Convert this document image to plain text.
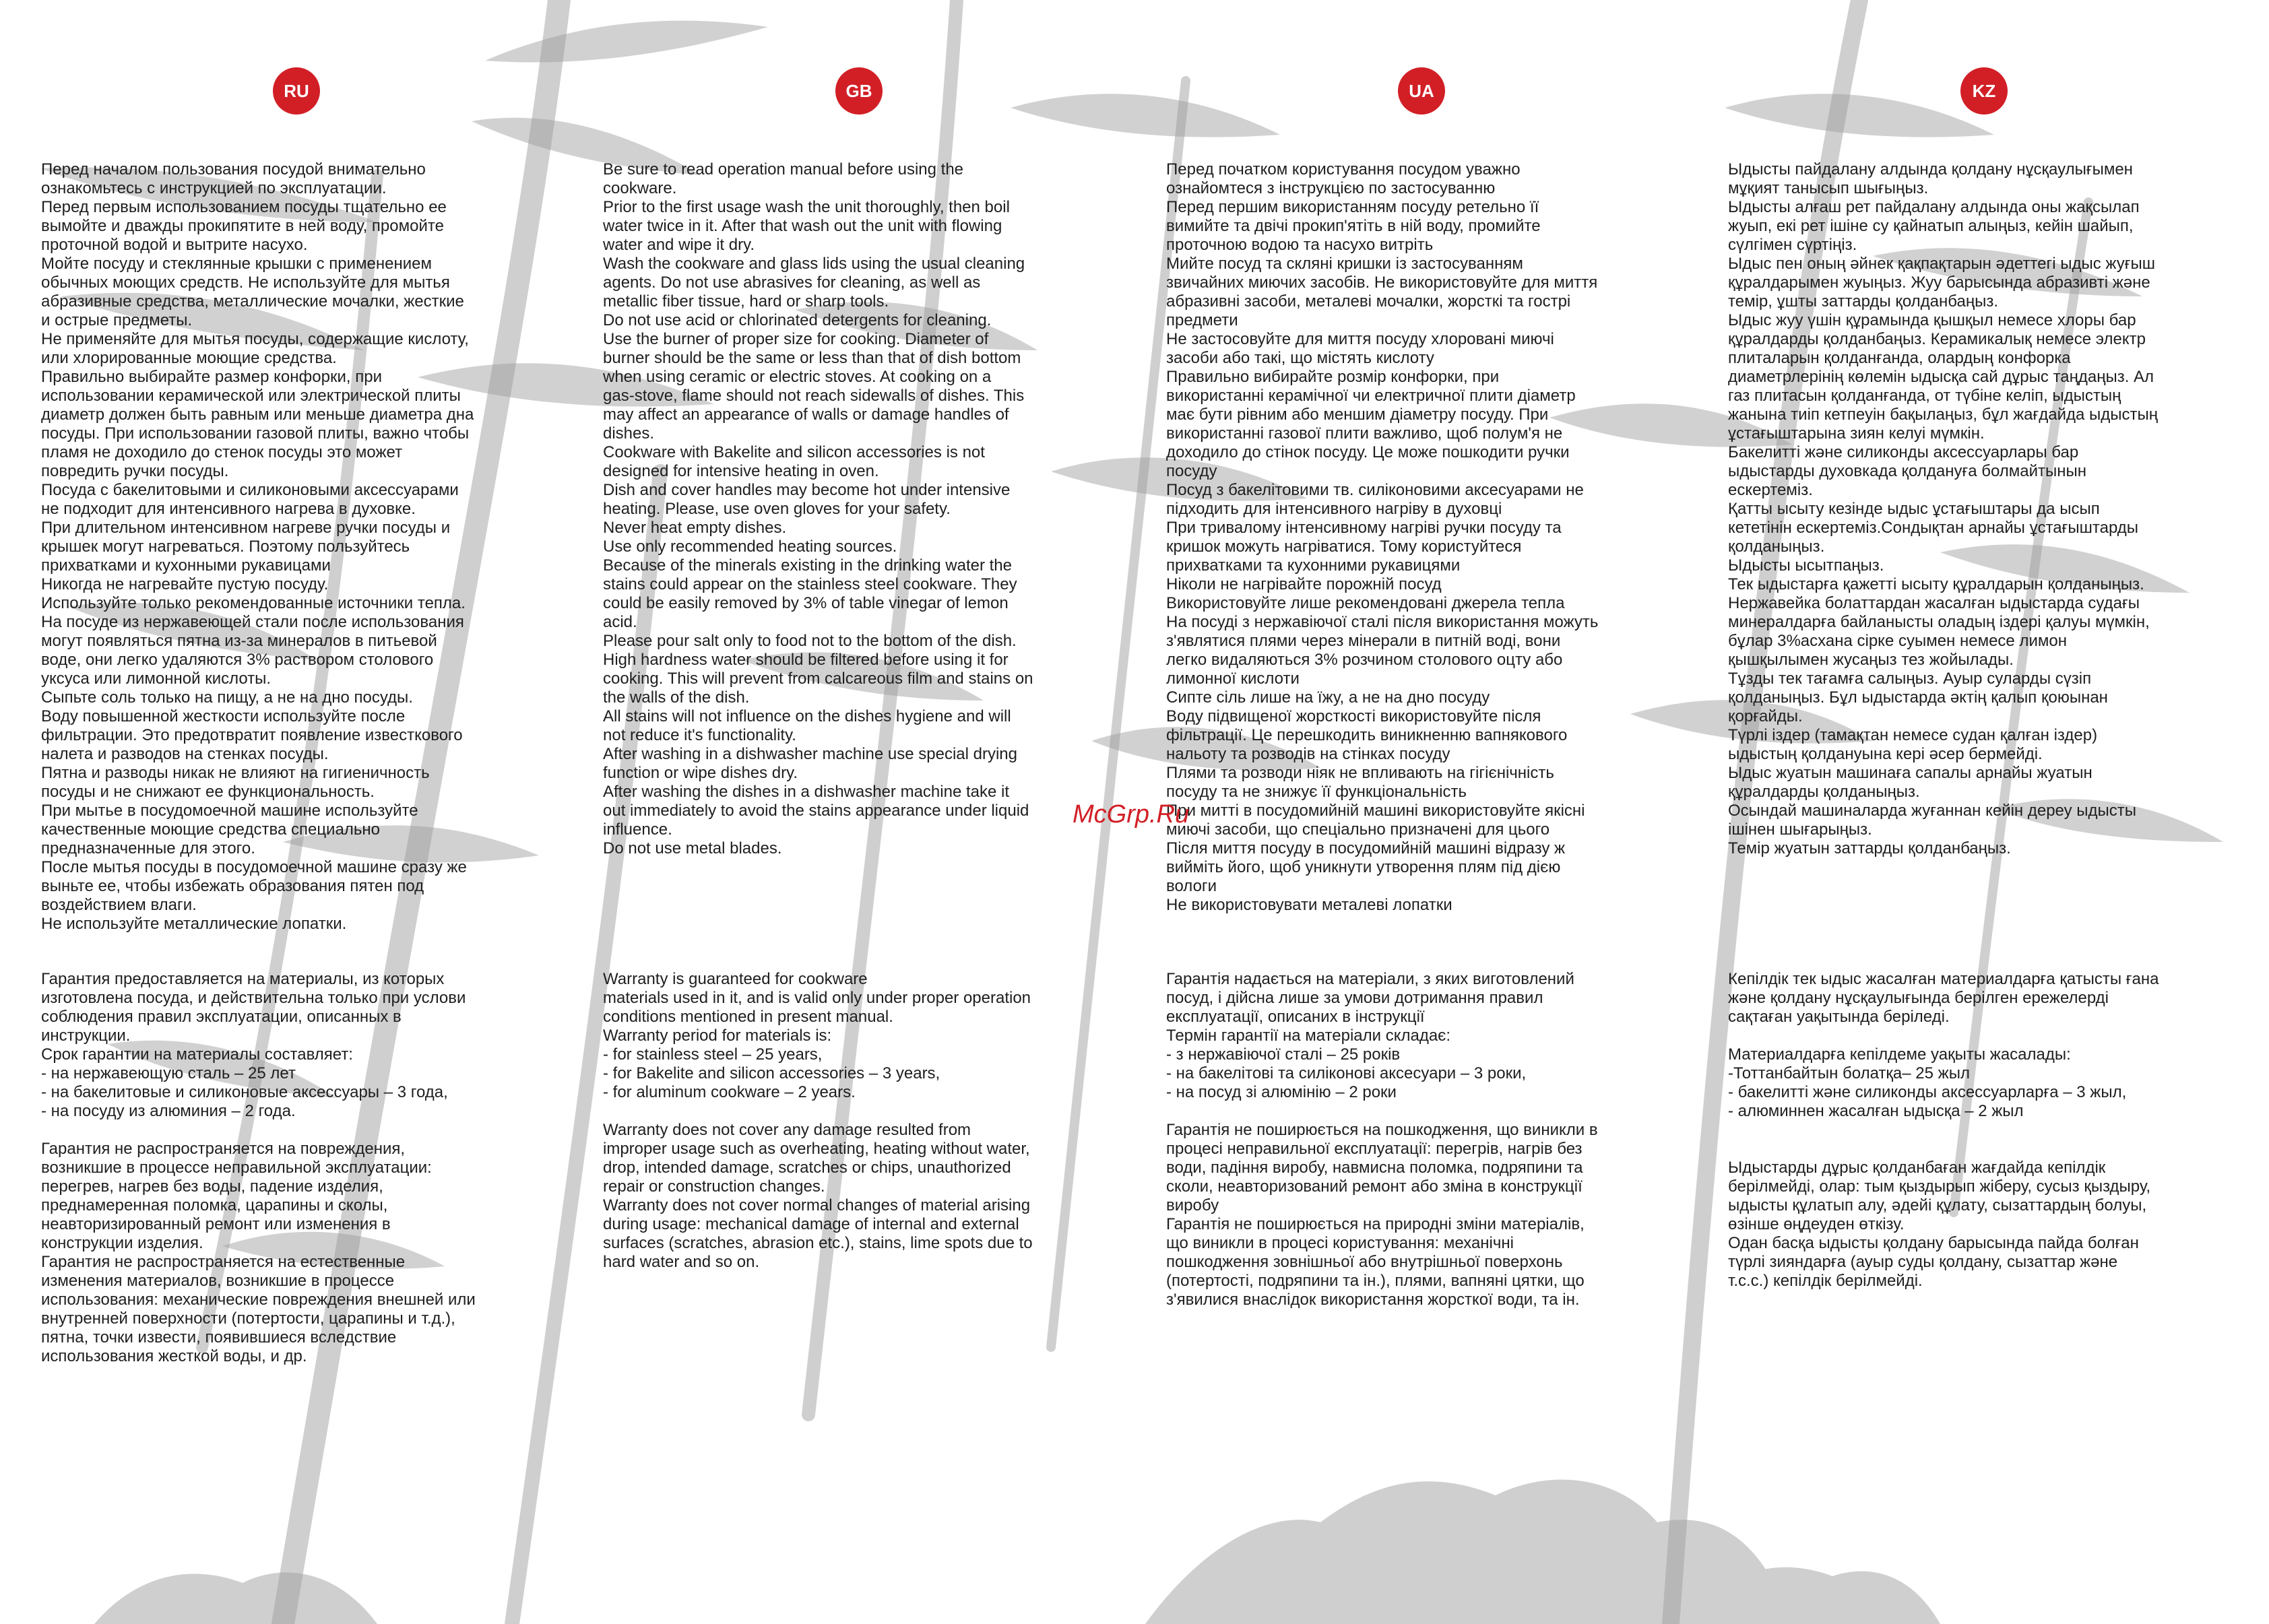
RU	GB	UA	KZ

Перед началом пользования посудой внимательно
ознакомьтесь с инструкцией по эксплуатации.
Перед первым использованием посуды тщательно ее
вымойте и дважды прокипятите в ней воду, промойте
проточной водой и вытрите насухо.
Мойте посуду и стеклянные крышки с применением
обычных моющих средств. Не используйте для мытья
абразивные средства, металлические мочалки, жесткие
и острые предметы.
Не применяйте для мытья посуды, содержащие кислоту,
или хлорированные моющие средства.
Правильно выбирайте размер конфорки, при
использовании керамической или электрической плиты
диаметр должен быть равным или меньше диаметра дна
посуды. При использовании газовой плиты, важно чтобы
пламя не доходило до стенок посуды это может
повредить ручки посуды.
Посуда с бакелитовыми и силиконовыми аксессуарами
не подходит для интенсивного нагрева в духовке.
При длительном интенсивном нагреве ручки посуды и
крышек могут нагреваться. Поэтому пользуйтесь
прихватками и кухонными рукавицами
Никогда не нагревайте пустую посуду.
Используйте только рекомендованные источники тепла.
На посуде из нержавеющей стали после использования
могут появляться пятна из-за минералов в питьевой
воде, они легко удаляются 3% раствором столового
уксуса или лимонной кислоты.
Сыпьте соль только на пищу, а не на дно посуды.
Воду повышенной жесткости используйте после
фильтрации. Это предотвратит появление известкового
налета и разводов на стенках посуды.
Пятна и разводы никак не влияют на гигиеничность
посуды и не снижают ее функциональность.
При мытье в посудомоечной машине используйте
качественные моющие средства специально
предназначенные для этого.
После мытья посуды в посудомоечной машине сразу же
выньте ее, чтобы избежать образования пятен под
воздействием влаги.
Не используйте металлические лопатки.

Гарантия предоставляется на материалы, из которых
изготовлена посуда, и действительна только при услови
соблюдения правил эксплуатации, описанных в
инструкции.
Срок гарантии на материалы составляет:
- на нержавеющую сталь – 25 лет
- на бакелитовые и силиконовые аксессуары – 3 года,
- на посуду из алюминия – 2 года.

Гарантия не распространяется на повреждения,
возникшие в процессе неправильной эксплуатации:
перегрев, нагрев без воды, падение изделия,
преднамеренная поломка, царапины и сколы,
неавторизированный ремонт или изменения в
конструкции изделия.
Гарантия не распространяется на естественные
изменения материалов, возникшие в процессе
использования: механические повреждения внешней или
внутренней поверхности (потертости, царапины и т.д.),
пятна, точки извести, появившиеся вследствие
использования жесткой воды, и др.

Be sure to read operation manual before using the
cookware.
Prior to the first usage wash the unit thoroughly, then boil
water twice in it. After that wash out the unit with flowing
water and wipe it dry.
Wash the cookware and glass lids using the usual cleaning
agents. Do not use abrasives for cleaning, as well as
metallic fiber tissue, hard or sharp tools.
Do not use acid or chlorinated detergents for cleaning.
Use the burner of proper size for cooking. Diameter of
burner should be the same or less than that of dish bottom
when using ceramic or electric stoves. At cooking on a
gas-stove, flame should not reach sidewalls of dishes. This
may affect an appearance of walls or damage handles of
dishes.
Cookware with Bakelite and silicon accessories is not
designed for intensive heating in oven.
Dish and cover handles may become hot under intensive
heating. Please, use oven gloves for your safety.
Never heat empty dishes.
Use only recommended heating sources.
Because of the minerals existing in the drinking water the
stains could appear on the stainless steel cookware. They
could be easily removed by 3% of table vinegar of lemon
acid.
Please pour salt only to food not to the bottom of the dish.
High hardness water should be filtered before using it for
cooking. This will prevent from calcareous film and stains on
the walls of the dish.
All stains will not influence on the dishes hygiene and will
not reduce it's functionality.
After washing in a dishwasher machine use special drying
function or wipe dishes dry.
After washing the dishes in a dishwasher machine take it
out immediately to avoid the stains appearance under liquid
influence.
Do not use metal blades.

Warranty is guaranteed for cookware
materials used in it, and is valid only under proper operation
conditions mentioned in present manual.
Warranty period for materials is:
- for stainless steel – 25 years,
- for Bakelite and silicon accessories – 3 years,
- for aluminum cookware – 2 years.

Warranty does not cover any damage resulted from
improper usage such as overheating, heating without water,
drop, intended damage, scratches or chips, unauthorized
repair or construction changes.
Warranty does not cover normal changes of material arising
during usage: mechanical damage of internal and external
surfaces (scratches, abrasion etc.), stains, lime spots due to
hard water and so on.

Перед початком користування посудом уважно
ознайомтеся з інструкцією по застосуванню
Перед першим використанням посуду ретельно її
вимийте та двічі прокип'ятіть в ній воду, промийте
проточною водою та насухо витріть
Мийте посуд та скляні кришки із застосуванням
звичайних миючих засобів. Не використовуйте для миття
абразивні засоби, металеві мочалки, жорсткі та гострі
предмети
Не застосовуйте для миття посуду хлоровані миючі
засоби або такі, що містять кислоту
Правильно вибирайте розмір конфорки, при
використанні керамічної чи електричної плити діаметр
має бути рівним або меншим діаметру посуду. При
використанні газової плити важливо, щоб полум'я не
доходило до стінок посуду. Це може пошкодити ручки
посуду
Посуд з бакелітовими тв. силіконовими аксесуарами не
підходить для інтенсивного нагріву в духовці
При тривалому інтенсивному нагріві ручки посуду та
кришок можуть нагріватися. Тому користуйтеся
прихватками та кухонними рукавицями
Ніколи не нагрівайте порожній посуд
Використовуйте лише рекомендовані джерела тепла
На посуді з нержавіючої сталі після використання можуть
з'являтися плями через мінерали в питній воді, вони
легко видаляються 3% розчином столового оцту або
лимонної кислоти
Сипте сіль лише на їжу, а не на дно посуду
Воду підвищеної жорсткості використовуйте після
фільтрації. Це перешкодить виникненню вапнякового
нальоту та розводів на стінках посуду
Плями та розводи ніяк не впливають на гігієнічність
посуду та не знижує її функціональність
При митті в посудомийній машині використовуйте якісні
миючі засоби, що спеціально призначені для цього
Після миття посуду в посудомийній машині відразу ж
вийміть його, щоб уникнути утворення плям під дією
вологи
Не використовувати металеві лопатки

Гарантія надається на матеріали, з яких виготовлений
посуд, і дійсна лише за умови дотримання правил
експлуатації, описаних в інструкції
Термін гарантії на матеріали складає:
- з нержавіючої сталі – 25 років
- на бакелітові та силіконові аксесуари – 3 роки,
- на посуд зі алюмінію – 2 роки

Гарантія не поширюється на пошкодження, що виникли в
процесі неправильної експлуатації: перегрів, нагрів без
води, падіння виробу, навмисна поломка, подряпини та
сколи, неавторизований ремонт або зміна в конструкції
виробу
Гарантія не поширюється на природні зміни матеріалів,
що виникли в процесі користування: механічні
пошкодження зовнішньої або внутрішньої поверхонь
(потертості, подряпини та ін.), плями, вапняні цятки, що
з'явилися внаслідок використання жорсткої води, та ін.

Ыдысты пайдалану алдында қолдану нұсқаулығымен
мұқият танысып шығыңыз.
Ыдысты алғаш рет пайдалану алдында оны жақсылап
жуып, екі рет ішіне су қайнатып алыңыз, кейін шайып,
сүлгімен сүртіңіз.
Ыдыс пен оның әйнек қақпақтарын әдеттегі ыдыс жуғыш
құралдарымен жуыңыз. Жуу барысында абразивті және
темір, ұшты заттарды қолданбаңыз.
Ыдыс жуу үшін құрамында қышқыл немесе хлоры бар
құралдарды қолданбаңыз. Керамикалық немесе электр
плиталарын қолданғанда, олардың конфорка
диаметрлерінің көлемін ыдысқа сай дұрыс таңдаңыз. Ал
газ плитасын қолданғанда, от түбіне келіп, ыдыстың
жанына тиіп кетпеуін бақылаңыз, бұл жағдайда ыдыстың
ұстағыштарына зиян келуі мүмкін.
Бакелитті және силиконды аксессуарлары бар
ыдыстарды духовкада қолдануға болмайтынын
ескертеміз.
Қатты ысыту кезінде ыдыс ұстағыштары да ысып
кететінін ескертеміз.Сондықтан арнайы ұстағыштарды
қолданыңыз.
Ыдысты ысытпаңыз.
Тек ыдыстарға қажетті ысыту құралдарын қолданыңыз.
Нержавейка болаттардан жасалған ыдыстарда судағы
минералдарға байланысты оладың іздері қалуы мүмкін,
бұлар 3%асхана сірке суымен немесе лимон
қышқылымен жусаңыз тез жойылады.
Тұзды тек тағамға салыңыз. Ауыр суларды сүзіп
қолданыңыз. Бұл ыдыстарда әктің қалып қоюынан
қорғайды.
Түрлі іздер (тамақтан немесе судан қалған іздер)
ыдыстың қолдануына кері әсер бермейді.
Ыдыс жуатын машинаға сапалы арнайы жуатын
құралдарды қолданыңыз.
Осындай машиналарда жуғаннан кейін дереу ыдысты
ішінен шығарыңыз.
Темір жуатын заттарды қолданбаңыз.

Кепілдік тек ыдыс жасалған материалдарға қатысты ғана
және қолдану нұсқаулығында берілген ережелерді
сақтаған уақытында беріледі.

Материалдарға кепілдеме уақыты жасалады:
-Тоттанбайтын болатқа– 25 жыл
- бакелитті және силиконды аксессуарларға – 3 жыл,
- алюминнен жасалған ыдысқа – 2 жыл

Ыдыстарды дұрыс қолданбаған жағдайда кепілдік
берілмейді, олар: тым қыздырып жіберу, сусыз қыздыру,
ыдысты құлатып алу, әдейі құлату, сызаттардың болуы,
өзінше өңдеуден өткізу.
Одан басқа ыдысты қолдану барысында пайда болған
түрлі зияндарға (ауыр суды қолдану, сызаттар және
т.с.с.) кепілдік берілмейді.

McGrp.Ru
